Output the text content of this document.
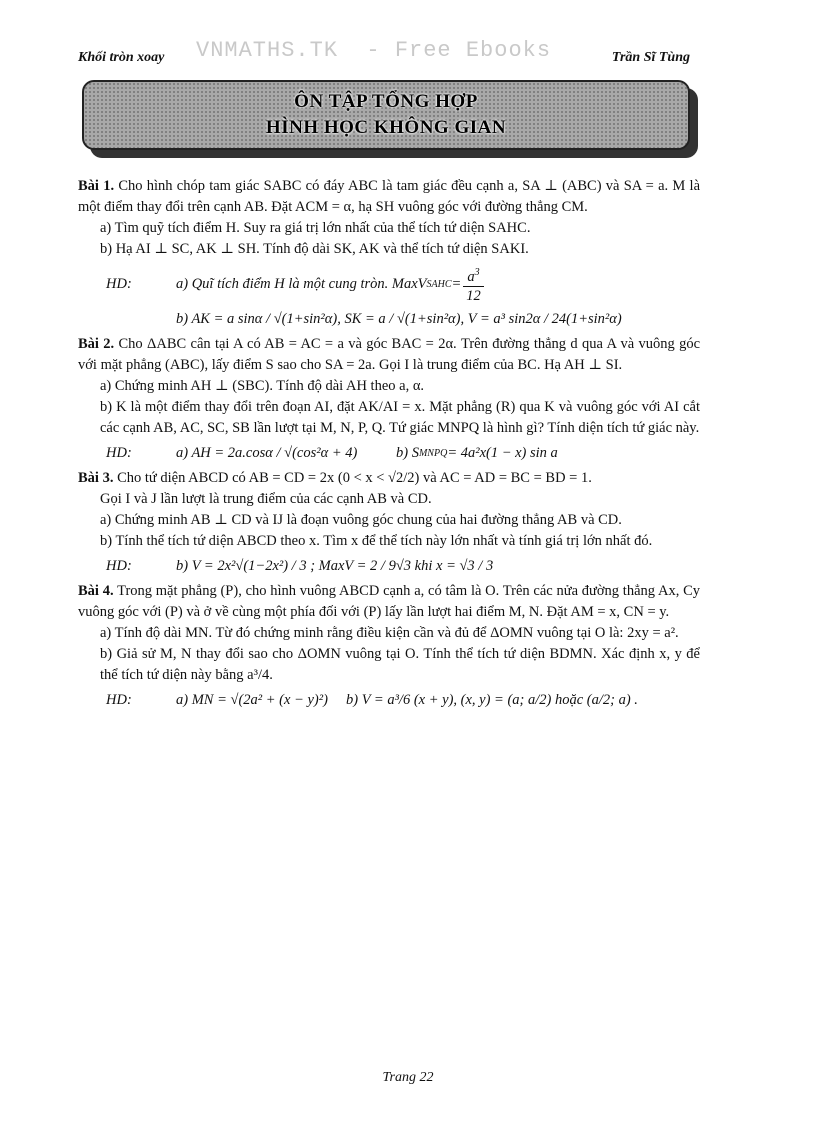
Khối tròn xoay VNMATHS.TK  - Free Ebooks	Trần Sĩ Tùng
ÔN TẬP TỔNG HỢP
HÌNH HỌC KHÔNG GIAN

Bài 1. Cho hình chóp tam giác SABC có đáy ABC là tam giác đều cạnh a, SA ⊥ (ABC) và SA = a. M là một điểm thay đổi trên cạnh AB. Đặt ACM = α, hạ SH vuông góc với đường thẳng CM.

a) Tìm quỹ tích điểm H. Suy ra giá trị lớn nhất của thể tích tứ diện SAHC.

b) Hạ AI ⊥ SC, AK ⊥ SH. Tính độ dài SK, AK và thể tích tứ diện SAKI.

HD:	a) Quĩ tích điểm H là một cung tròn. MaxV SAHC = $\frac{a^3}{12}$
b) AK = a sinα / √(1+sin²α), SK = a / √(1+sin²α), V = a³ sin2α / 24(1+sin²α)

Bài 2. Cho ΔABC cân tại A có AB = AC = a và góc BAC = 2α. Trên đường thẳng d qua A và vuông góc với mặt phẳng (ABC), lấy điểm S sao cho SA = 2a. Gọi I là trung điểm của BC. Hạ AH ⊥ SI.

a) Chứng minh AH ⊥ (SBC). Tính độ dài AH theo a, α.

b) K là một điểm thay đổi trên đoạn AI, đặt AK/AI = x. Mặt phẳng (R) qua K và vuông góc với AI cắt các cạnh AB, AC, SC, SB lần lượt tại M, N, P, Q. Tứ giác MNPQ là hình gì? Tính diện tích tứ giác này.

HD:	a) AH = 2a.cosα / √(cos²α + 4)	b) S MNPQ = 4a²x(1 − x) sin a

Bài 3. Cho tứ diện ABCD có AB = CD = 2x (0 < x < √2/2) và AC = AD = BC = BD = 1.

Gọi I và J lần lượt là trung điểm của các cạnh AB và CD.

a) Chứng minh AB ⊥ CD và IJ là đoạn vuông góc chung của hai đường thẳng AB và CD.

b) Tính thể tích tứ diện ABCD theo x. Tìm x để thể tích này lớn nhất và tính giá trị lớn nhất đó.

HD:	b) V = 2x²√(1−2x²) / 3 ; MaxV = 2 / 9√3 khi x = √3 / 3

Bài 4. Trong mặt phẳng (P), cho hình vuông ABCD cạnh a, có tâm là O. Trên các nửa đường thẳng Ax, Cy vuông góc với (P) và ở về cùng một phía đối với (P) lấy lần lượt hai điểm M, N. Đặt AM = x, CN = y.

a) Tính độ dài MN. Từ đó chứng minh rằng điều kiện cần và đủ để ΔOMN vuông tại O là: 2xy = a².

b) Giả sử M, N thay đổi sao cho ΔOMN vuông tại O. Tính thể tích tứ diện BDMN. Xác định x, y để thể tích tứ diện này bằng a³/4.

HD:	a) MN = √(2a² + (x − y)²)	b) V = a³/6 (x + y), (x, y) = (a; a/2) hoặc (a/2; a) .
Trang 22
